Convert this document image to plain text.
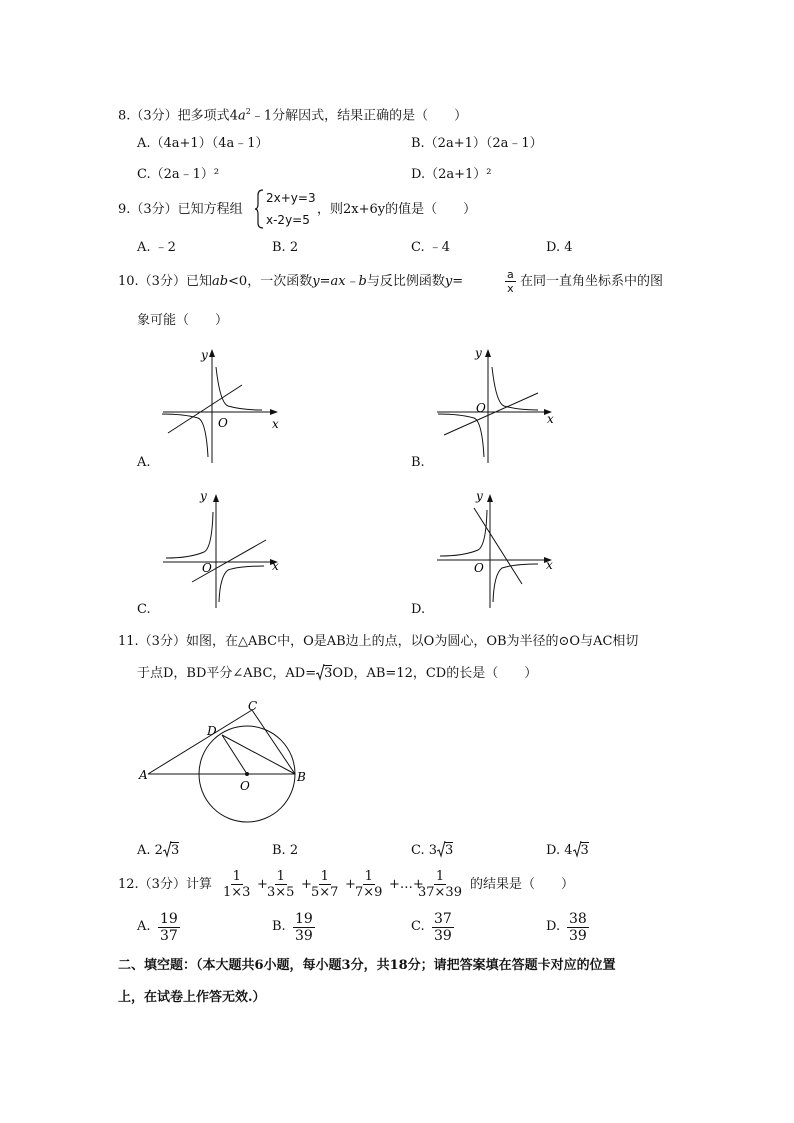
8.（3分）把多项式$4a^2﹣1$分解因式，结果正确的是（　　）
A.（4a+1）（4a﹣1）	B.（2a+1）（2a﹣1）
C.（2a﹣1）²	D.（2a+1）²
9.（3分）已知方程组
2x+y=3
x-2y=5
，则2x+6y的值是（　　）
A. ﹣2	B. 2	C. ﹣4	D. 4
10.（3分）已知ab<0，一次函数y=ax﹣b与反比例函数y=	$\frac{a}{x}$ 在同一直角坐标系中的图
象可能（　　）
y
O	x
A.
y
O
x
B.
y
O	x
C.
y
O	x
D.
11.（3分）如图，在△ABC中，O是AB边上的点，以O为圆心，OB为半径的⊙O与AC相切
于点D，BD平分∠ABC，AD= 3OD，AB=12，CD的长是（　　）
A	B
C
D
O
A. 2 3	B. 2	C. 3 3	D. 4 3
12.（3分）计算 $\frac{1}{1\times 3}$ +
$\frac{1}{3\times 5}$ +
$\frac{1}{5\times 7}$ +
$\frac{1}{7\times 9}$ +…+
$\frac{1}{37\times 39}$ 的结果是（　　）
A. $\frac{19}{37}$	B. $\frac{19}{39}$	C. $\frac{37}{39}$	D. $\frac{38}{39}$
二、填空题：（本大题共6小题，每小题3分，共18分；请把答案填在答题卡对应的位置
上，在试卷上作答无效.）
